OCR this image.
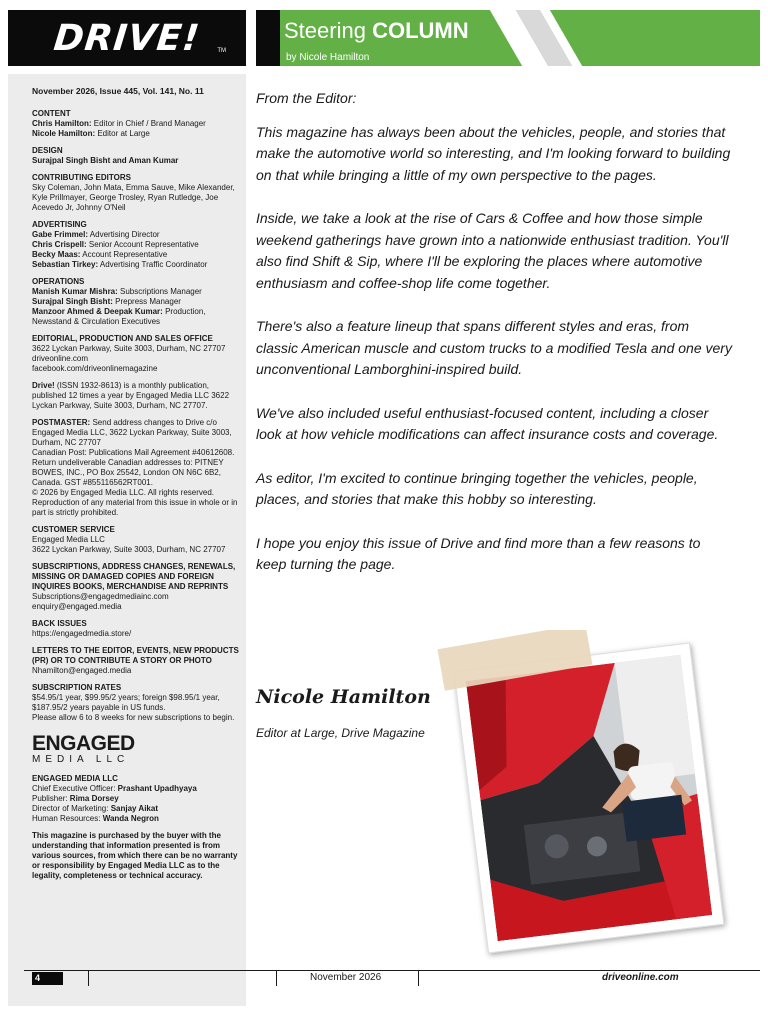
DRIVE!	TM
Steering COLUMN
by Nicole Hamilton
November 2026, Issue 445, Vol. 141, No. 11
CONTENT
Chris Hamilton: Editor in Chief / Brand Manager
Nicole Hamilton: Editor at Large
DESIGN
Surajpal Singh Bisht and Aman Kumar
CONTRIBUTING EDITORS
Sky Coleman, John Mata, Emma Sauve, Mike Alexander, Kyle Prillmayer, George Trosley, Ryan Rutledge, Joe Acevedo Jr, Johnny O'Neil
ADVERTISING
Gabe Frimmel: Advertising Director
Chris Crispell: Senior Account Representative
Becky Maas: Account Representative
Sebastian Tirkey: Advertising Traffic Coordinator
OPERATIONS
Manish Kumar Mishra: Subscriptions Manager
Surajpal Singh Bisht: Prepress Manager
Manzoor Ahmed & Deepak Kumar: Production, Newsstand & Circulation Executives
EDITORIAL, PRODUCTION AND SALES OFFICE
3622 Lyckan Parkway, Suite 3003, Durham, NC 27707
driveonline.com
facebook.com/driveonlinemagazine
Drive! (ISSN 1932-8613) is a monthly publication, published 12 times a year by Engaged Media LLC 3622 Lyckan Parkway, Suite 3003, Durham, NC 27707.
POSTMASTER: Send address changes to Drive c/o Engaged Media LLC, 3622 Lyckan Parkway, Suite 3003, Durham, NC 27707
Canadian Post: Publications Mail Agreement #40612608.
Return undeliverable Canadian addresses to: PITNEY BOWES, INC., PO Box 25542, London ON N6C 6B2, Canada. GST #855116562RT001.
© 2026 by Engaged Media LLC. All rights reserved. Reproduction of any material from this issue in whole or in part is strictly prohibited.
CUSTOMER SERVICE
Engaged Media LLC
3622 Lyckan Parkway, Suite 3003, Durham, NC 27707
SUBSCRIPTIONS, ADDRESS CHANGES, RENEWALS, MISSING OR DAMAGED COPIES AND FOREIGN INQUIRES BOOKS, MERCHANDISE AND REPRINTS
Subscriptions@engagedmediainc.com
enquiry@engaged.media
BACK ISSUES
https://engagedmedia.store/
LETTERS TO THE EDITOR, EVENTS, NEW PRODUCTS (PR) OR TO CONTRIBUTE A STORY OR PHOTO
Nhamilton@engaged.media
SUBSCRIPTION RATES
$54.95/1 year, $99.95/2 years; foreign $98.95/1 year, $187.95/2 years payable in US funds.
Please allow 6 to 8 weeks for new subscriptions to begin.
ENGAGED
MEDIA LLC
ENGAGED MEDIA LLC
Chief Executive Officer: Prashant Upadhyaya
Publisher: Rima Dorsey
Director of Marketing: Sanjay Aikat
Human Resources: Wanda Negron
This magazine is purchased by the buyer with the understanding that information presented is from various sources, from which there can be no warranty or responsibility by Engaged Media LLC as to the legality, completeness or technical accuracy.

From the Editor:

This magazine has always been about the vehicles, people, and stories that make the automotive world so interesting, and I'm looking forward to building on that while bringing a little of my own perspective to the pages.

Inside, we take a look at the rise of Cars & Coffee and how those simple weekend gatherings have grown into a nationwide enthusiast tradition. You'll also find Shift & Sip, where I'll be exploring the places where automotive enthusiasm and coffee-shop life come together.

There's also a feature lineup that spans different styles and eras, from classic American muscle and custom trucks to a modified Tesla and one very unconventional Lamborghini-inspired build.

We've also included useful enthusiast-focused content, including a closer look at how vehicle modifications can affect insurance costs and coverage.

As editor, I'm excited to continue bringing together the vehicles, people, places, and stories that make this hobby so interesting.

I hope you enjoy this issue of Drive and find more than a few reasons to keep turning the page.

Nicole Hamilton
Editor at Large, Drive Magazine
4	November 2026	driveonline.com
